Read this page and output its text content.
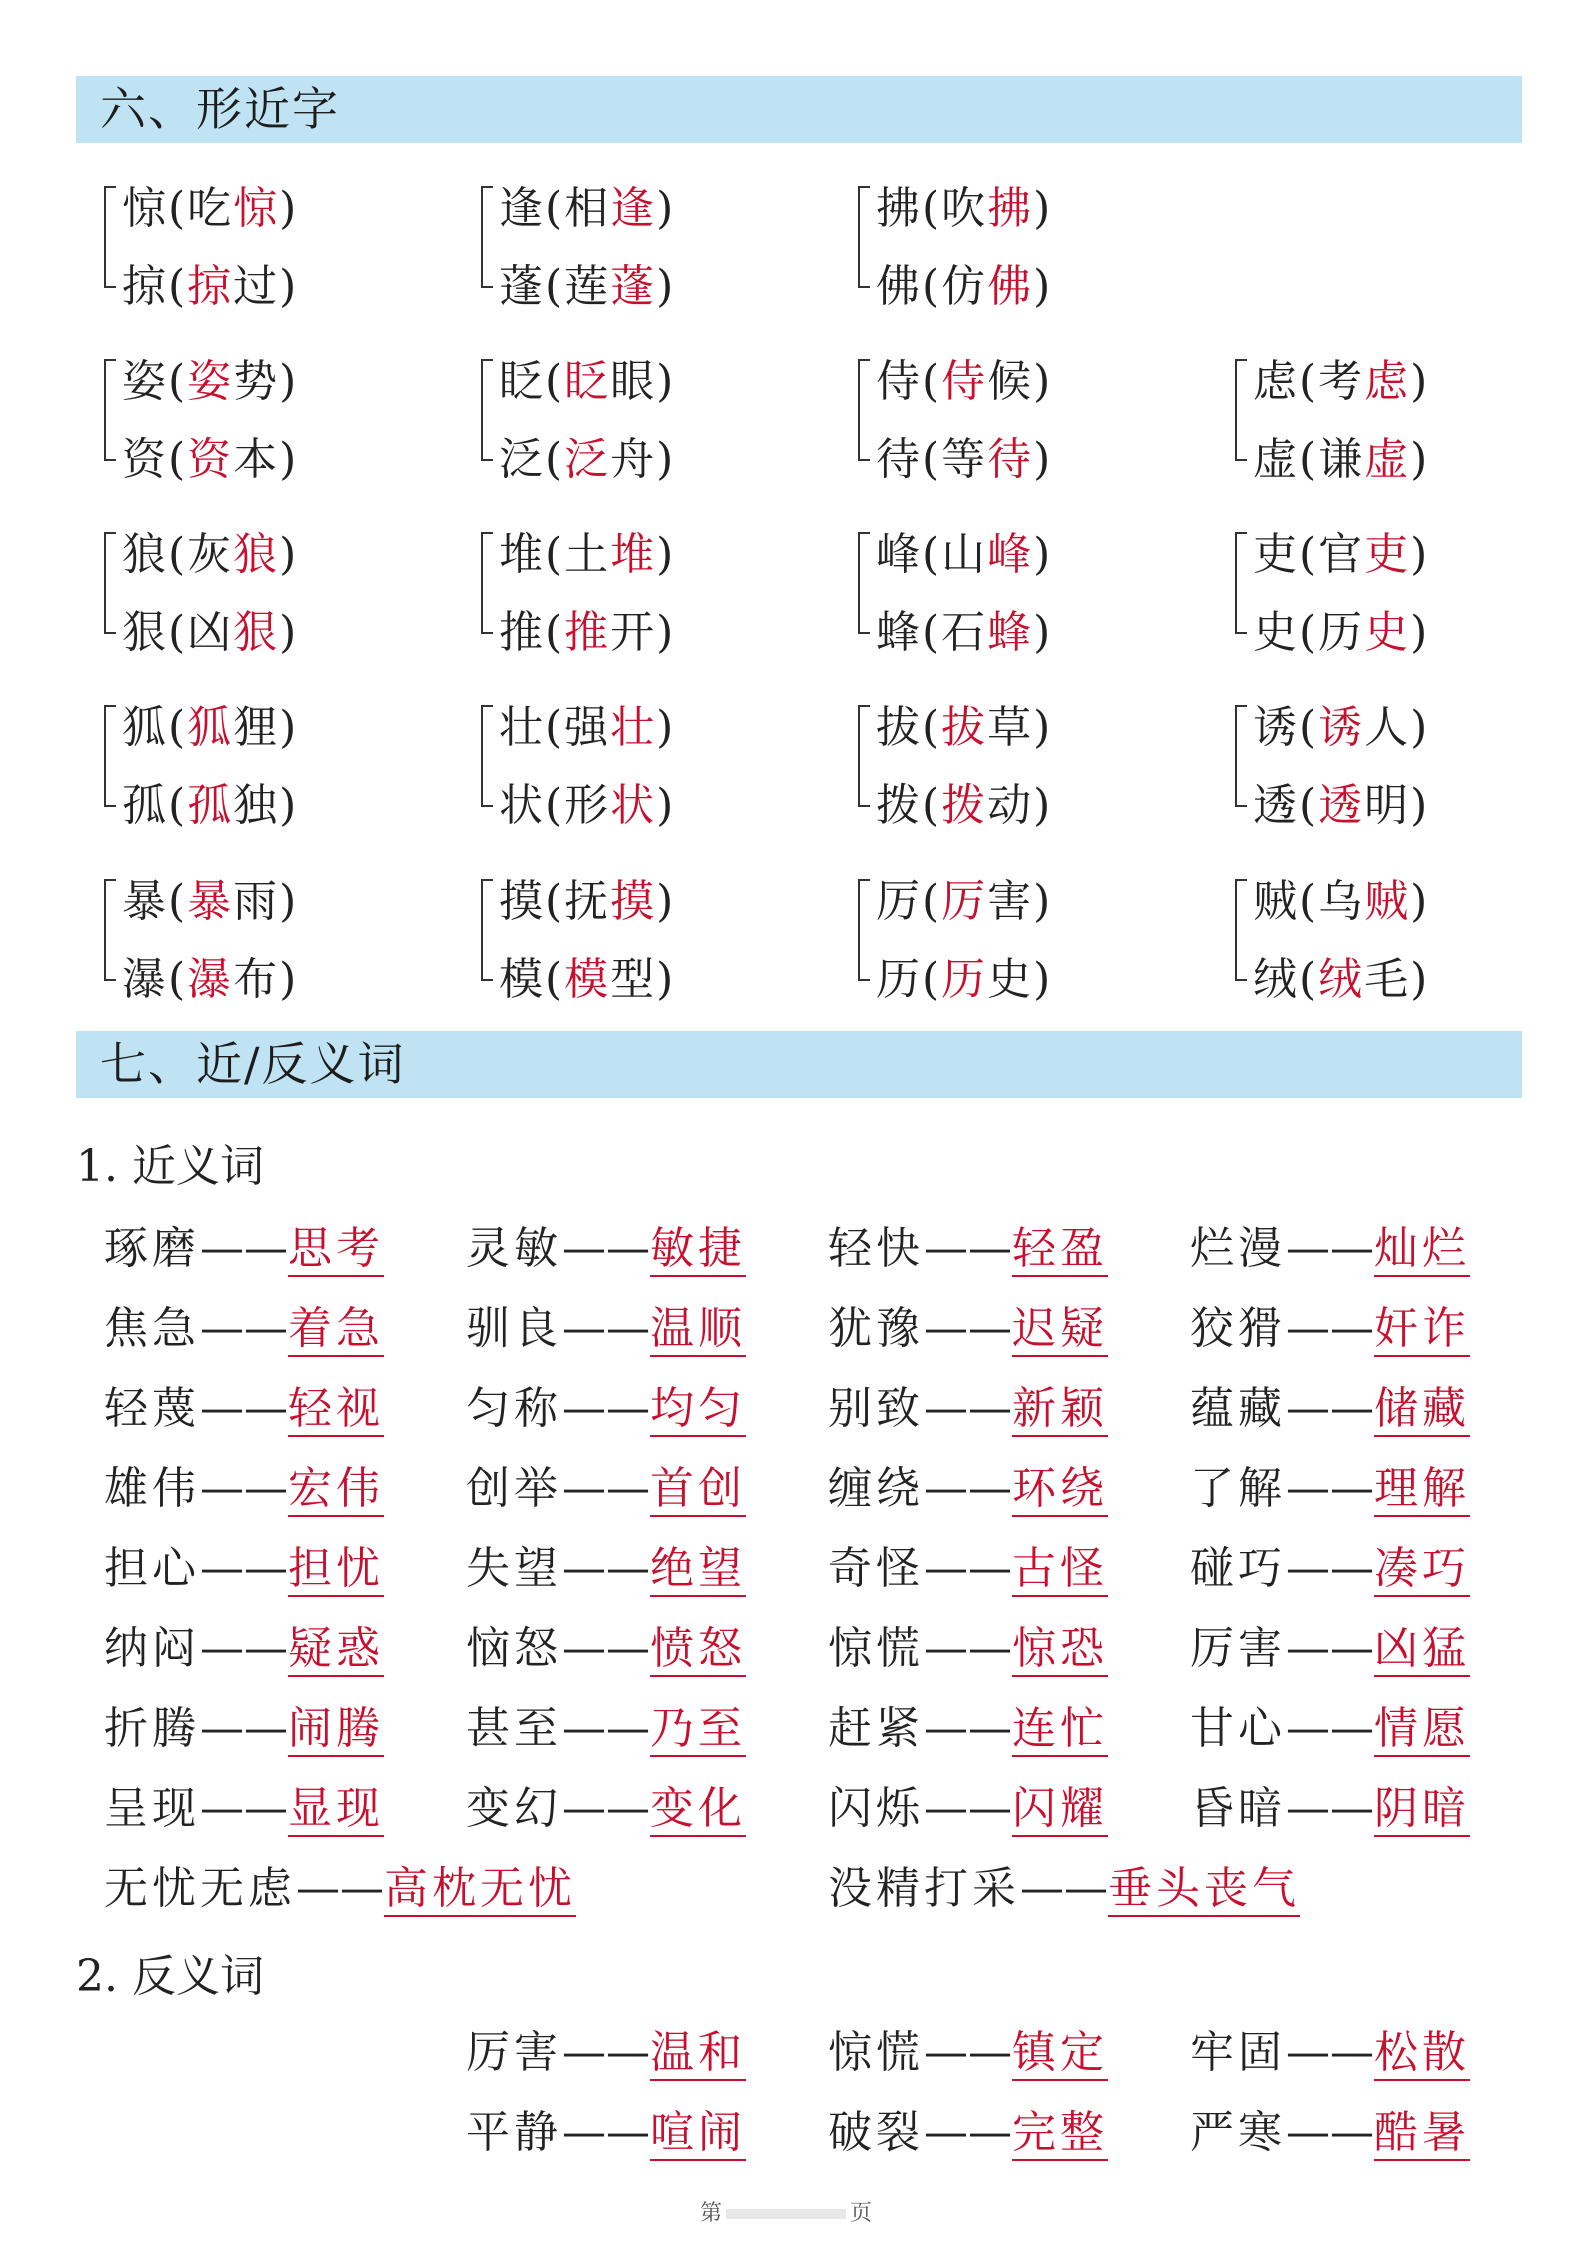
六、形近字
惊(吃惊)
掠(掠过)
逢(相逢)
蓬(莲蓬)
拂(吹拂)
佛(仿佛)
姿(姿势)
资(资本)
眨(眨眼)
泛(泛舟)
侍(侍候)
待(等待)
虑(考虑)
虚(谦虚)
狼(灰狼)
狠(凶狠)
堆(土堆)
推(推开)
峰(山峰)
蜂(石蜂)
吏(官吏)
史(历史)
狐(狐狸)
孤(孤独)
壮(强壮)
状(形状)
拔(拔草)
拨(拨动)
诱(诱人)
透(透明)
暴(暴雨)
瀑(瀑布)
摸(抚摸)
模(模型)
厉(厉害)
历(历史)
贼(乌贼)
绒(绒毛)
七、近/反义词
1. 近义词
琢磨——思考 灵敏——敏捷 轻快——轻盈 烂漫——灿烂
焦急——着急 驯良——温顺 犹豫——迟疑 狡猾——奸诈
轻蔑——轻视 匀称——均匀 别致——新颖 蕴藏——储藏
雄伟——宏伟 创举——首创 缠绕——环绕 了解——理解
担心——担忧 失望——绝望 奇怪——古怪 碰巧——凑巧
纳闷——疑惑 恼怒——愤怒 惊慌——惊恐 厉害——凶猛
折腾——闹腾 甚至——乃至 赶紧——连忙 甘心——情愿
呈现——显现 变幻——变化 闪烁——闪耀 昏暗——阴暗
无忧无虑——高枕无忧	没精打采——垂头丧气
2. 反义词
厉害——温和 惊慌——镇定 牢固——松散
平静——喧闹 破裂——完整 严寒——酷暑
第	页
